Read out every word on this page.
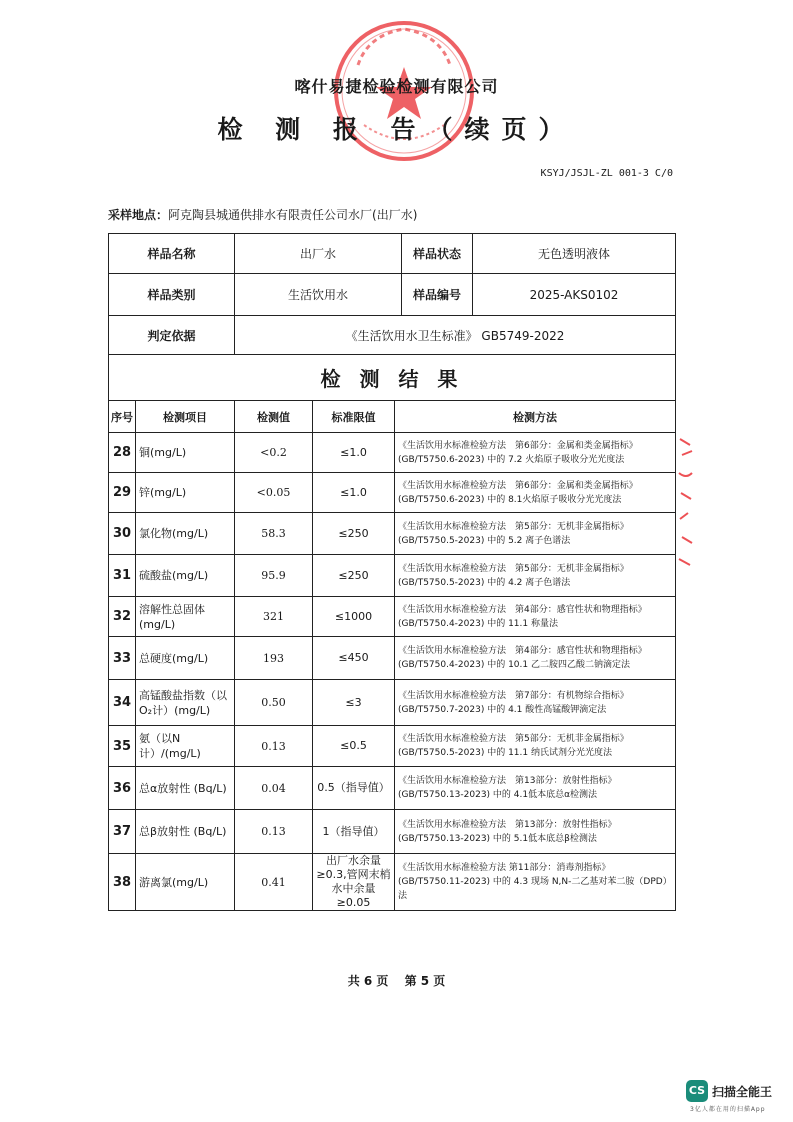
喀什易捷检验检测有限公司
检 测 报 告（续页）
KSYJ/JSJL-ZL 001-3 C/0
采样地点：阿克陶县城通供排水有限责任公司水厂(出厂水)
样品名称	出厂水	样品状态	无色透明液体
样品类别	生活饮用水	样品编号	2025-AKS0102
判定依据	《生活饮用水卫生标准》 GB5749-2022		
检 测 结 果			
序号	检测项目	检测值	标准限值	检测方法
28	铜(mg/L)	<0.2	≤1.0	《生活饮用水标准检验方法　第6部分：金属和类金属指标》(GB/T5750.6-2023) 中的 7.2 火焰原子吸收分光光度法
29	锌(mg/L)	<0.05	≤1.0	《生活饮用水标准检验方法　第6部分：金属和类金属指标》(GB/T5750.6-2023) 中的 8.1火焰原子吸收分光光度法
30	氯化物(mg/L)	58.3	≤250	《生活饮用水标准检验方法　第5部分：无机非金属指标》(GB/T5750.5-2023) 中的 5.2 离子色谱法
31	硫酸盐(mg/L)	95.9	≤250	《生活饮用水标准检验方法　第5部分：无机非金属指标》(GB/T5750.5-2023) 中的 4.2 离子色谱法
32	溶解性总固体(mg/L)	321	≤1000	《生活饮用水标准检验方法　第4部分：感官性状和物理指标》(GB/T5750.4-2023) 中的 11.1 称量法
33	总硬度(mg/L)	193	≤450	《生活饮用水标准检验方法　第4部分：感官性状和物理指标》(GB/T5750.4-2023) 中的 10.1 乙二胺四乙酸二钠滴定法
34	高锰酸盐指数（以O₂计）(mg/L)	0.50	≤3	《生活饮用水标准检验方法　第7部分：有机物综合指标》(GB/T5750.7-2023) 中的 4.1 酸性高锰酸钾滴定法
35	氨（以N计）/(mg/L)	0.13	≤0.5	《生活饮用水标准检验方法　第5部分：无机非金属指标》(GB/T5750.5-2023) 中的 11.1 纳氏试剂分光光度法
36	总α放射性 (Bq/L)	0.04	0.5（指导值）	《生活饮用水标准检验方法　第13部分：放射性指标》(GB/T5750.13-2023) 中的 4.1低本底总α检测法
37	总β放射性 (Bq/L)	0.13	1（指导值）	《生活饮用水标准检验方法　第13部分：放射性指标》(GB/T5750.13-2023) 中的 5.1低本底总β检测法
38	游离氯(mg/L)	0.41	出厂水余量≥0.3,管网末梢水中余量≥0.05	《生活饮用水标准检验方法 第11部分：消毒剂指标》(GB/T5750.11-2023) 中的 4.3 现场 N,N-二乙基对苯二胺（DPD）法
共 6 页　 第 5 页
CS 扫描全能王
3亿人都在用的扫描App
